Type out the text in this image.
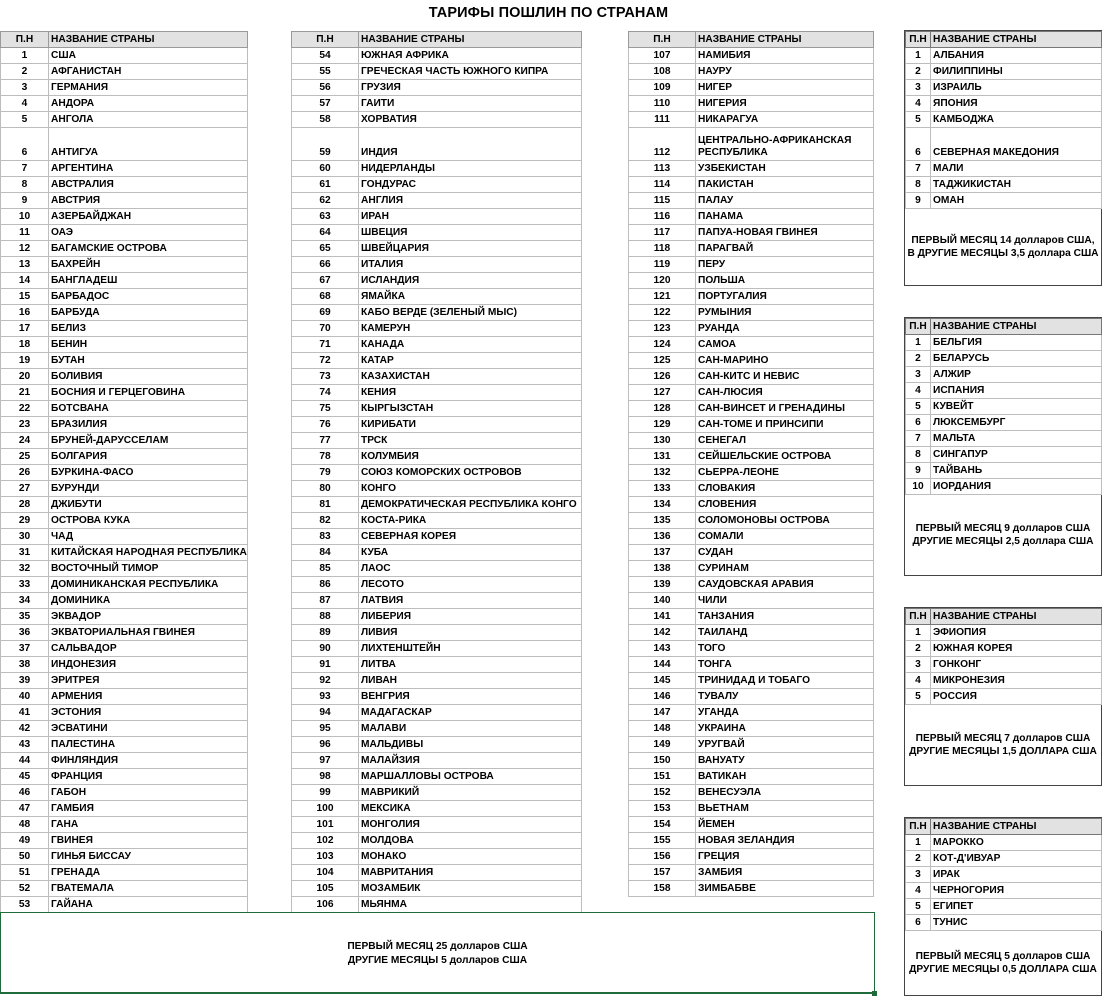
ТАРИФЫ ПОШЛИН ПО СТРАНАМ
П.Н	НАЗВАНИЕ СТРАНЫ
1	США
2	АФГАНИСТАН
3	ГЕРМАНИЯ
4	АНДОРА
5	АНГОЛА
6	АНТИГУА
7	АРГЕНТИНА
8	АВСТРАЛИЯ
9	АВСТРИЯ
10	АЗЕРБАЙДЖАН
11	ОАЭ
12	БАГАМСКИЕ ОСТРОВА
13	БАХРЕЙН
14	БАНГЛАДЕШ
15	БАРБАДОС
16	БАРБУДА
17	БЕЛИЗ
18	БЕНИН
19	БУТАН
20	БОЛИВИЯ
21	БОСНИЯ И ГЕРЦЕГОВИНА
22	БОТСВАНА
23	БРАЗИЛИЯ
24	БРУНЕЙ-ДАРУССЕЛАМ
25	БОЛГАРИЯ
26	БУРКИНА-ФАСО
27	БУРУНДИ
28	ДЖИБУТИ
29	ОСТРОВА КУКА
30	ЧАД
31	КИТАЙСКАЯ НАРОДНАЯ РЕСПУБЛИКА
32	ВОСТОЧНЫЙ ТИМОР
33	ДОМИНИКАНСКАЯ РЕСПУБЛИКА
34	ДОМИНИКА
35	ЭКВАДОР
36	ЭКВАТОРИАЛЬНАЯ ГВИНЕЯ
37	САЛЬВАДОР
38	ИНДОНЕЗИЯ
39	ЭРИТРЕЯ
40	АРМЕНИЯ
41	ЭСТОНИЯ
42	ЭСВАТИНИ
43	ПАЛЕСТИНА
44	ФИНЛЯНДИЯ
45	ФРАНЦИЯ
46	ГАБОН
47	ГАМБИЯ
48	ГАНА
49	ГВИНЕЯ
50	ГИНЬЯ БИССАУ
51	ГРЕНАДА
52	ГВАТЕМАЛА
53	ГАЙАНА
П.Н	НАЗВАНИЕ СТРАНЫ
54	ЮЖНАЯ АФРИКА
55	ГРЕЧЕСКАЯ ЧАСТЬ ЮЖНОГО КИПРА
56	ГРУЗИЯ
57	ГАИТИ
58	ХОРВАТИЯ
59	ИНДИЯ
60	НИДЕРЛАНДЫ
61	ГОНДУРАС
62	АНГЛИЯ
63	ИРАН
64	ШВЕЦИЯ
65	ШВЕЙЦАРИЯ
66	ИТАЛИЯ
67	ИСЛАНДИЯ
68	ЯМАЙКА
69	КАБО ВЕРДЕ (ЗЕЛЕНЫЙ МЫС)
70	КАМЕРУН
71	КАНАДА
72	КАТАР
73	КАЗАХИСТАН
74	КЕНИЯ
75	КЫРГЫЗСТАН
76	КИРИБАТИ
77	ТРСК
78	КОЛУМБИЯ
79	СОЮЗ КОМОРСКИХ ОСТРОВОВ
80	КОНГО
81	ДЕМОКРАТИЧЕСКАЯ РЕСПУБЛИКА КОНГО
82	КОСТА-РИКА
83	СЕВЕРНАЯ КОРЕЯ
84	КУБА
85	ЛАОС
86	ЛЕСОТО
87	ЛАТВИЯ
88	ЛИБЕРИЯ
89	ЛИВИЯ
90	ЛИХТЕНШТЕЙН
91	ЛИТВА
92	ЛИВАН
93	ВЕНГРИЯ
94	МАДАГАСКАР
95	МАЛАВИ
96	МАЛЬДИВЫ
97	МАЛАЙЗИЯ
98	МАРШАЛЛОВЫ ОСТРОВА
99	МАВРИКИЙ
100	МЕКСИКА
101	МОНГОЛИЯ
102	МОЛДОВА
103	МОНАКО
104	МАВРИТАНИЯ
105	МОЗАМБИК
106	МЬЯНМА
П.Н	НАЗВАНИЕ СТРАНЫ
107	НАМИБИЯ
108	НАУРУ
109	НИГЕР
110	НИГЕРИЯ
111	НИКАРАГУА
112	ЦЕНТРАЛЬНО-АФРИКАНСКАЯ РЕСПУБЛИКА
113	УЗБЕКИСТАН
114	ПАКИСТАН
115	ПАЛАУ
116	ПАНАМА
117	ПАПУА-НОВАЯ ГВИНЕЯ
118	ПАРАГВАЙ
119	ПЕРУ
120	ПОЛЬША
121	ПОРТУГАЛИЯ
122	РУМЫНИЯ
123	РУАНДА
124	САМОА
125	САН-МАРИНО
126	САН-КИТС И НЕВИС
127	САН-ЛЮСИЯ
128	САН-ВИНСЕТ И ГРЕНАДИНЫ
129	САН-ТОМЕ И ПРИНСИПИ
130	СЕНЕГАЛ
131	СЕЙШЕЛЬСКИЕ ОСТРОВА
132	СЬЕРРА-ЛЕОНЕ
133	СЛОВАКИЯ
134	СЛОВЕНИЯ
135	СОЛОМОНОВЫ ОСТРОВА
136	СОМАЛИ
137	СУДАН
138	СУРИНАМ
139	САУДОВСКАЯ АРАВИЯ
140	ЧИЛИ
141	ТАНЗАНИЯ
142	ТАИЛАНД
143	ТОГО
144	ТОНГА
145	ТРИНИДАД И ТОБАГО
146	ТУВАЛУ
147	УГАНДА
148	УКРАИНА
149	УРУГВАЙ
150	ВАНУАТУ
151	ВАТИКАН
152	ВЕНЕСУЭЛА
153	ВЬЕТНАМ
154	ЙЕМЕН
155	НОВАЯ ЗЕЛАНДИЯ
156	ГРЕЦИЯ
157	ЗАМБИЯ
158	ЗИМБАБВЕ
ПЕРВЫЙ МЕСЯЦ 25 долларов США
ДРУГИЕ МЕСЯЦЫ 5 долларов США
П.Н	НАЗВАНИЕ СТРАНЫ
1	АЛБАНИЯ
2	ФИЛИППИНЫ
3	ИЗРАИЛЬ
4	ЯПОНИЯ
5	КАМБОДЖА
6	СЕВЕРНАЯ МАКЕДОНИЯ
7	МАЛИ
8	ТАДЖИКИСТАН
9	ОМАН
ПЕРВЫЙ МЕСЯЦ 14 долларов США,
В ДРУГИЕ МЕСЯЦЫ 3,5 доллара США
П.Н	НАЗВАНИЕ СТРАНЫ
1	БЕЛЬГИЯ
2	БЕЛАРУСЬ
3	АЛЖИР
4	ИСПАНИЯ
5	КУВЕЙТ
6	ЛЮКСЕМБУРГ
7	МАЛЬТА
8	СИНГАПУР
9	ТАЙВАНЬ
10	ИОРДАНИЯ
ПЕРВЫЙ МЕСЯЦ 9 долларов США
ДРУГИЕ МЕСЯЦЫ 2,5 доллара США
П.Н	НАЗВАНИЕ СТРАНЫ
1	ЭФИОПИЯ
2	ЮЖНАЯ КОРЕЯ
3	ГОНКОНГ
4	МИКРОНЕЗИЯ
5	РОССИЯ
ПЕРВЫЙ МЕСЯЦ 7 долларов США
ДРУГИЕ МЕСЯЦЫ 1,5 ДОЛЛАРА США
П.Н	НАЗВАНИЕ СТРАНЫ
1	МАРОККО
2	КОТ-Д'ИВУАР
3	ИРАК
4	ЧЕРНОГОРИЯ
5	ЕГИПЕТ
6	ТУНИС
ПЕРВЫЙ МЕСЯЦ 5 долларов США
ДРУГИЕ МЕСЯЦЫ 0,5 ДОЛЛАРА США
